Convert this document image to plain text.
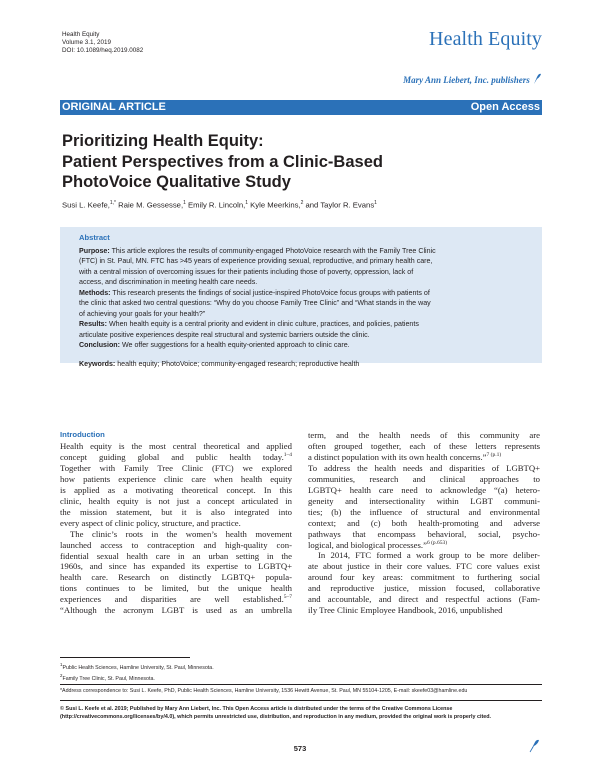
Health Equity
Volume 3.1, 2019
DOI: 10.1089/heq.2019.0082
Health Equity
Mary Ann Liebert, Inc. publishers
ORIGINAL ARTICLE	Open Access
Prioritizing Health Equity:
Patient Perspectives from a Clinic-Based
PhotoVoice Qualitative Study
Susi L. Keefe,$^{1,*}$ Raie M. Gessesse,$^1$ Emily R. Lincoln,$^1$ Kyle Meerkins,$^2$ and Taylor R. Evans$^1$
Abstract
Purpose: This article explores the results of community-engaged PhotoVoice research with the Family Tree Clinic
(FTC) in St. Paul, MN. FTC has >45 years of experience providing sexual, reproductive, and primary health care,
with a central mission of overcoming issues for their patients including those of poverty, oppression, lack of
access, and discrimination in meeting health care needs.
Methods: This research presents the findings of social justice-inspired PhotoVoice focus groups with patients of
the clinic that asked two central questions: “Why do you choose Family Tree Clinic” and “What stands in the way
of achieving your goals for your health?”
Results: When health equity is a central priority and evident in clinic culture, practices, and policies, patients
articulate positive experiences despite real structural and systemic barriers outside the clinic.
Conclusion: We offer suggestions for a health equity-oriented approach to clinic care.
Keywords: health equity; PhotoVoice; community-engaged research; reproductive health
Introduction
Health equity is the most central theoretical and applied
concept guiding global and public health today.$^{1-4}$
Together with Family Tree Clinic (FTC) we explored
how patients experience clinic care when health equity
is applied as a motivating theoretical concept. In this
clinic, health equity is not just a concept articulated in
the mission statement, but it is also integrated into
every aspect of clinic policy, structure, and practice.
The clinic’s roots in the women’s health movement
launched access to contraception and high-quality con-
fidential sexual health care in an urban setting in the
1960s, and since has expanded its expertise to LGBTQ+
health care. Research on distinctly LGBTQ+ popula-
tions continues to be limited, but the unique health
experiences and disparities are well established.$^{5-7}$
“Although the acronym LGBT is used as an umbrella
term, and the health needs of this community are
often grouped together, each of these letters represents
a distinct population with its own health concerns.”$^{7 (p.1)}$
To address the health needs and disparities of LGBTQ+
communities, research and clinical approaches to
LGBTQ+ health care need to acknowledge “(a) hetero-
geneity and intersectionality within LGBT communi-
ties; (b) the influence of structural and environmental
context; and (c) both health-promoting and adverse
pathways that encompass behavioral, social, psycho-
logical, and biological processes.”$^{6 (p.653)}$
In 2014, FTC formed a work group to be more deliber-
ate about justice in their core values. FTC core values exist
around four key areas: commitment to furthering social
and reproductive justice, mission focused, collaborative
and accountable, and direct and respectful actions (Fam-
ily Tree Clinic Employee Handbook, 2016, unpublished
$^1$Public Health Sciences, Hamline University, St. Paul, Minnesota.
$^2$Family Tree Clinic, St. Paul, Minnesota.
*Address correspondence to: Susi L. Keefe, PhD, Public Health Sciences, Hamline University, 1536 Hewitt Avenue, St. Paul, MN 55104-1205, E-mail: skeefe03@hamline.edu
© Susi L. Keefe et al. 2019; Published by Mary Ann Liebert, Inc. This Open Access article is distributed under the terms of the Creative Commons License (http://creativecommons.org/licenses/by/4.0), which permits unrestricted use, distribution, and reproduction in any medium, provided the original work is properly cited.
573
